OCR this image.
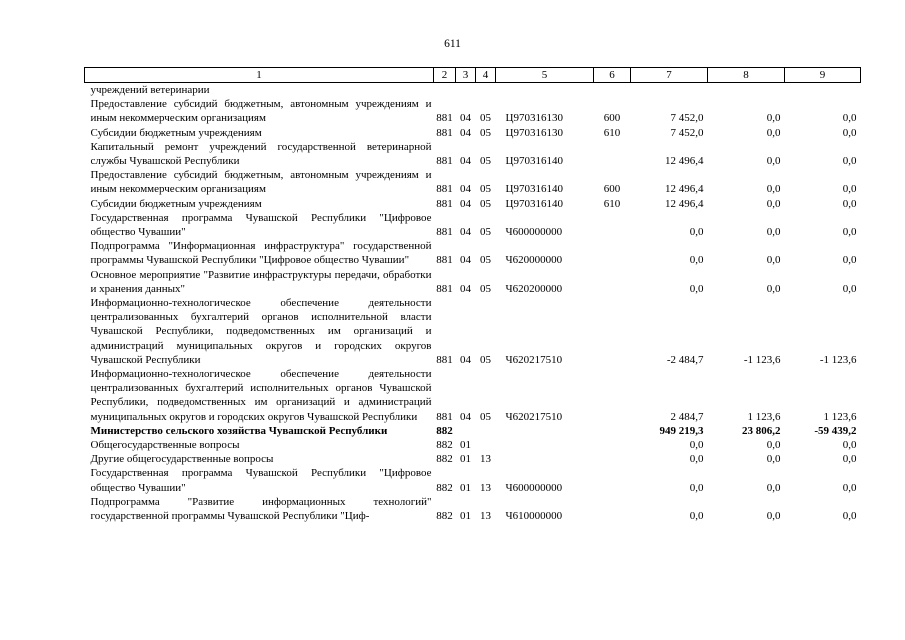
611
1	2	3	4	5	6	7	8	9
учреждений ветеринарии								
Предоставление субсидий бюджетным, автономным учреждениям и иным некоммерческим организациям	881	04	05	Ц970316130	600	7 452,0	0,0	0,0
Субсидии бюджетным учреждениям	881	04	05	Ц970316130	610	7 452,0	0,0	0,0
Капитальный ремонт учреждений государственной ветеринарной службы Чувашской Республики	881	04	05	Ц970316140		12 496,4	0,0	0,0
Предоставление субсидий бюджетным, автономным учреждениям и иным некоммерческим организациям	881	04	05	Ц970316140	600	12 496,4	0,0	0,0
Субсидии бюджетным учреждениям	881	04	05	Ц970316140	610	12 496,4	0,0	0,0
Государственная программа Чувашской Республики "Цифровое общество Чувашии"	881	04	05	Ч600000000		0,0	0,0	0,0
Подпрограмма "Информационная инфраструктура" государственной программы Чувашской Республики "Цифровое общество Чувашии"	881	04	05	Ч620000000		0,0	0,0	0,0
Основное мероприятие "Развитие инфраструктуры передачи, обработки и хранения данных"	881	04	05	Ч620200000		0,0	0,0	0,0
Информационно-технологическое обеспечение деятельности централизованных бухгалтерий органов исполнительной власти Чувашской Республики, подведомственных им организаций и администраций муниципальных округов и городских округов Чувашской Республики	881	04	05	Ч620217510		-2 484,7	-1 123,6	-1 123,6
Информационно-технологическое обеспечение деятельности централизованных бухгалтерий исполнительных органов Чувашской Республики, подведомственных им организаций и администраций муниципальных округов и городских округов Чувашской Республики	881	04	05	Ч620217510		2 484,7	1 123,6	1 123,6
Министерство сельского хозяйства Чувашской Республики	882					949 219,3	23 806,2	-59 439,2
Общегосударственные вопросы	882	01				0,0	0,0	0,0
Другие общегосударственные вопросы	882	01	13			0,0	0,0	0,0
Государственная программа Чувашской Республики "Цифровое общество Чувашии"	882	01	13	Ч600000000		0,0	0,0	0,0
Подпрограмма "Развитие информационных технологий" государственной программы Чувашской Республики "Циф-	882	01	13	Ч610000000		0,0	0,0	0,0
